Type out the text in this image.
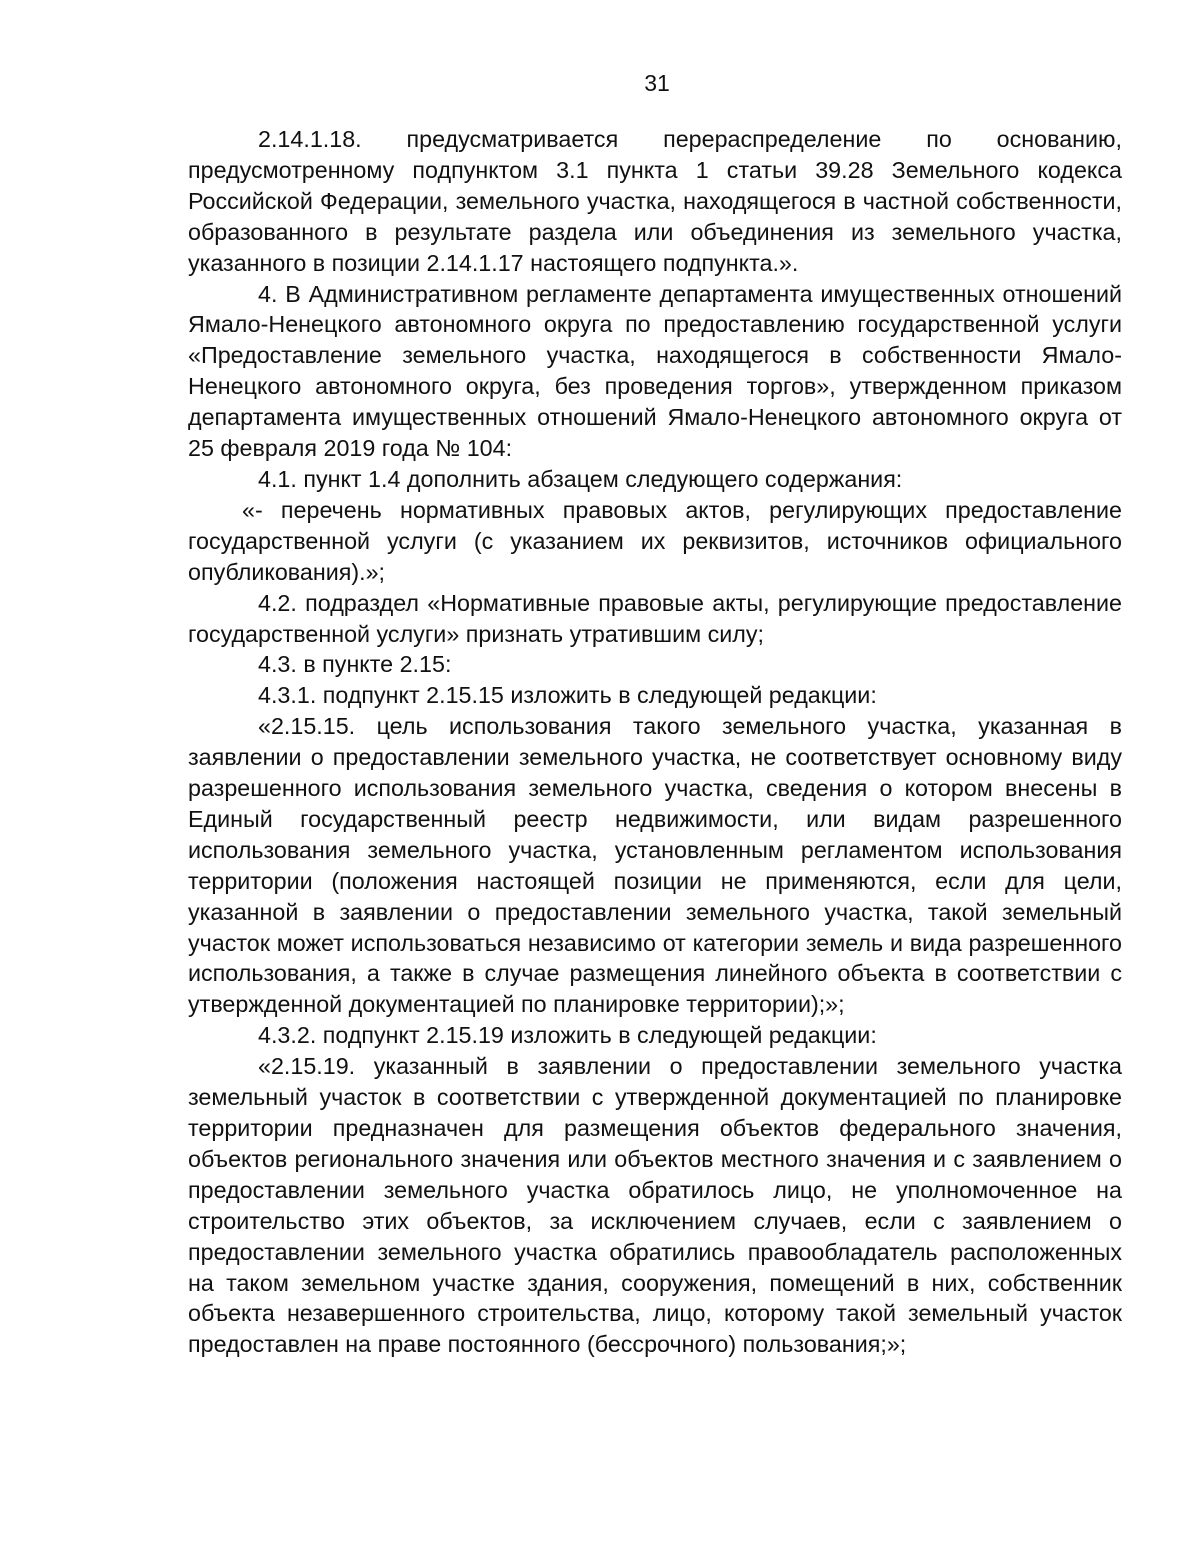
31

2.14.1.18. предусматривается перераспределение по основанию, предусмотренному подпунктом 3.1 пункта 1 статьи 39.28 Земельного кодекса Российской Федерации, земельного участка, находящегося в частной собственности, образованного в результате раздела или объединения из земельного участка, указанного в позиции 2.14.1.17 настоящего подпункта.».

4. В Административном регламенте департамента имущественных отношений Ямало-Ненецкого автономного округа по предоставлению государственной услуги «Предоставление земельного участка, находящегося в собственности Ямало-Ненецкого автономного округа, без проведения торгов», утвержденном приказом департамента имущественных отношений Ямало-Ненецкого автономного округа от 25 февраля 2019 года № 104:

4.1. пункт 1.4 дополнить абзацем следующего содержания:

«- перечень нормативных правовых актов, регулирующих предоставление государственной услуги (с указанием их реквизитов, источников официального опубликования).»;

4.2. подраздел «Нормативные правовые акты, регулирующие предоставление государственной услуги» признать утратившим силу;

4.3. в пункте 2.15:

4.3.1. подпункт 2.15.15 изложить в следующей редакции:

«2.15.15. цель использования такого земельного участка, указанная в заявлении о предоставлении земельного участка, не соответствует основному виду разрешенного использования земельного участка, сведения о котором внесены в Единый государственный реестр недвижимости, или видам разрешенного использования земельного участка, установленным регламентом использования территории (положения настоящей позиции не применяются, если для цели, указанной в заявлении о предоставлении земельного участка, такой земельный участок может использоваться независимо от категории земель и вида разрешенного использования, а также в случае размещения линейного объекта в соответствии с утвержденной документацией по планировке территории);»;

4.3.2. подпункт 2.15.19 изложить в следующей редакции:

«2.15.19. указанный в заявлении о предоставлении земельного участка земельный участок в соответствии с утвержденной документацией по планировке территории предназначен для размещения объектов федерального значения, объектов регионального значения или объектов местного значения и с заявлением о предоставлении земельного участка обратилось лицо, не уполномоченное на строительство этих объектов, за исключением случаев, если с заявлением о предоставлении земельного участка обратились правообладатель расположенных на таком земельном участке здания, сооружения, помещений в них, собственник объекта незавершенного строительства, лицо, которому такой земельный участок предоставлен на праве постоянного (бессрочного) пользования;»;
